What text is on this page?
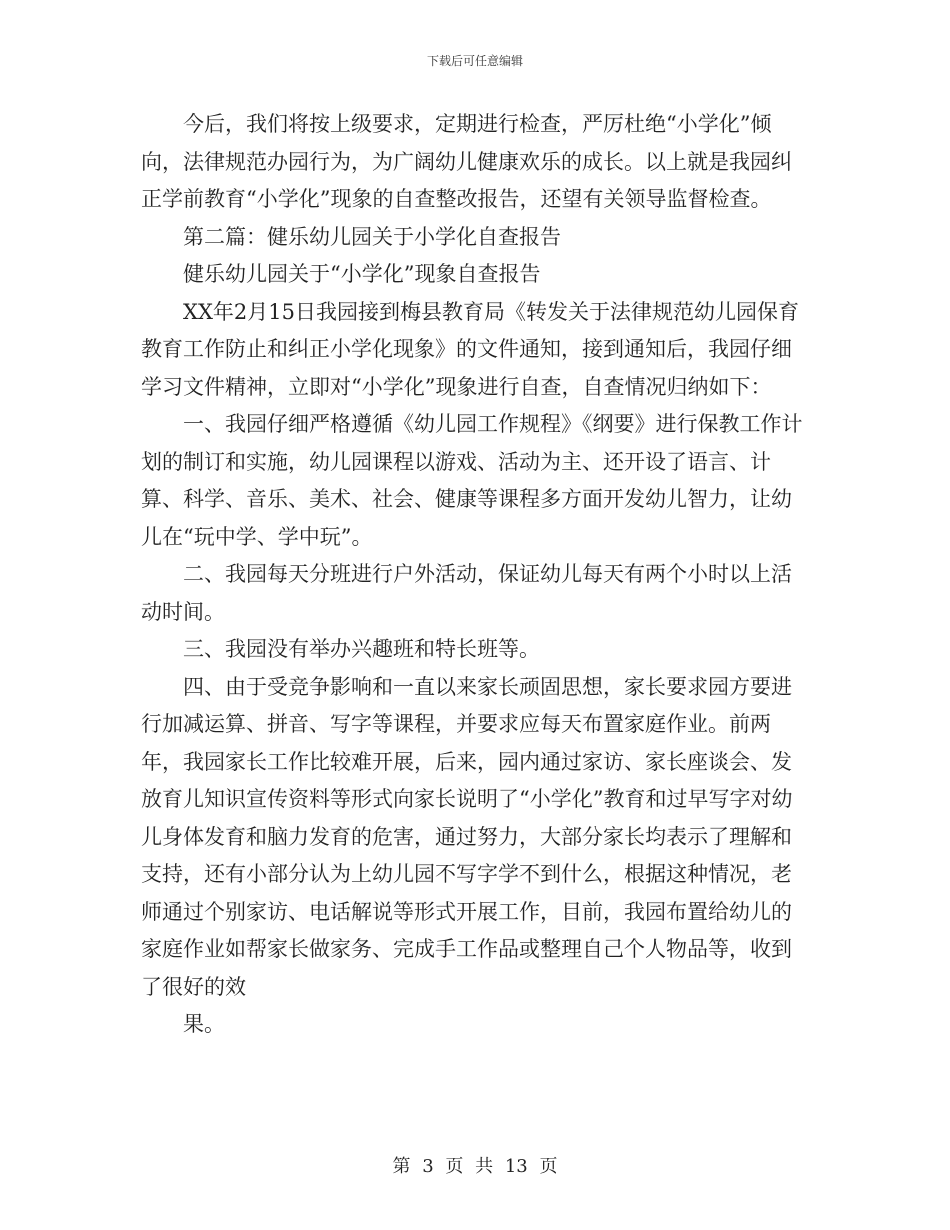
下载后可任意编辑

今后，我们将按上级要求，定期进行检查，严厉杜绝“小学化”倾向，法律规范办园行为，为广阔幼儿健康欢乐的成长。以上就是我园纠正学前教育“小学化”现象的自查整改报告，还望有关领导监督检查。

第二篇：健乐幼儿园关于小学化自查报告

健乐幼儿园关于“小学化”现象自查报告

XX年2月15日我园接到梅县教育局《转发关于法律规范幼儿园保育教育工作防止和纠正小学化现象》的文件通知，接到通知后，我园仔细学习文件精神，立即对“小学化”现象进行自查，自查情况归纳如下：

一、我园仔细严格遵循《幼儿园工作规程》《纲要》进行保教工作计划的制订和实施，幼儿园课程以游戏、活动为主、还开设了语言、计算、科学、音乐、美术、社会、健康等课程多方面开发幼儿智力，让幼儿在“玩中学、学中玩”。

二、我园每天分班进行户外活动，保证幼儿每天有两个小时以上活动时间。

三、我园没有举办兴趣班和特长班等。

四、由于受竞争影响和一直以来家长顽固思想，家长要求园方要进行加减运算、拼音、写字等课程，并要求应每天布置家庭作业。前两年，我园家长工作比较难开展，后来，园内通过家访、家长座谈会、发放育儿知识宣传资料等形式向家长说明了“小学化”教育和过早写字对幼儿身体发育和脑力发育的危害，通过努力，大部分家长均表示了理解和支持，还有小部分认为上幼儿园不写字学不到什么，根据这种情况，老师通过个别家访、电话解说等形式开展工作，目前，我园布置给幼儿的家庭作业如帮家长做家务、完成手工作品或整理自己个人物品等，收到了很好的效

果。

第 3 页 共 13 页
